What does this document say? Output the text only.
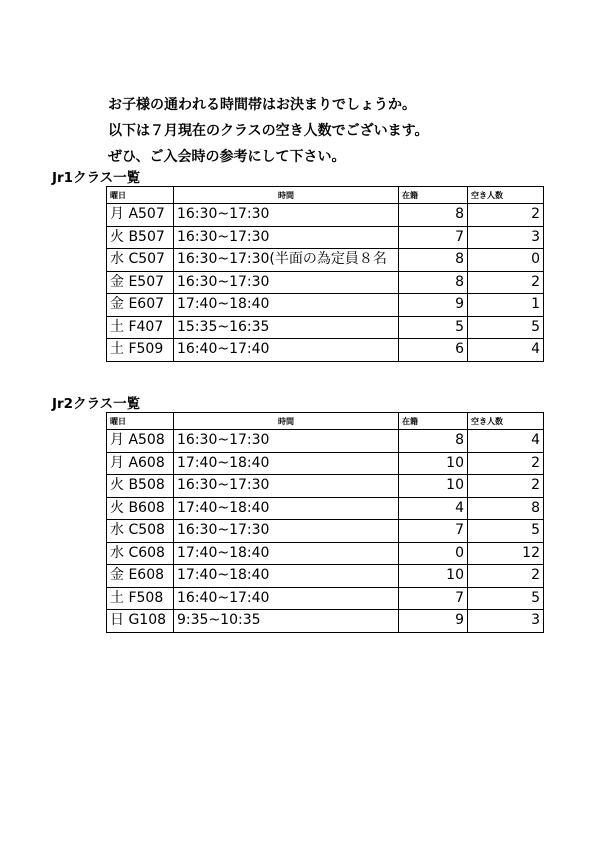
お子様の通われる時間帯はお決まりでしょうか。
以下は７月現在のクラスの空き人数でございます。
ぜひ、ご入会時の参考にして下さい。
Jr1クラス一覧
曜日	時間	在籍	空き人数
月 A507	16:30~17:30	8	2
火 B507	16:30~17:30	7	3
水 C507	16:30~17:30(半面の為定員８名	8	0
金 E507	16:30~17:30	8	2
金 E607	17:40~18:40	9	1
土 F407	15:35~16:35	5	5
土 F509	16:40~17:40	6	4
Jr2クラス一覧
曜日	時間	在籍	空き人数
月 A508	16:30~17:30	8	4
月 A608	17:40~18:40	10	2
火 B508	16:30~17:30	10	2
火 B608	17:40~18:40	4	8
水 C508	16:30~17:30	7	5
水 C608	17:40~18:40	0	12
金 E608	17:40~18:40	10	2
土 F508	16:40~17:40	7	5
日 G108	9:35~10:35	9	3
